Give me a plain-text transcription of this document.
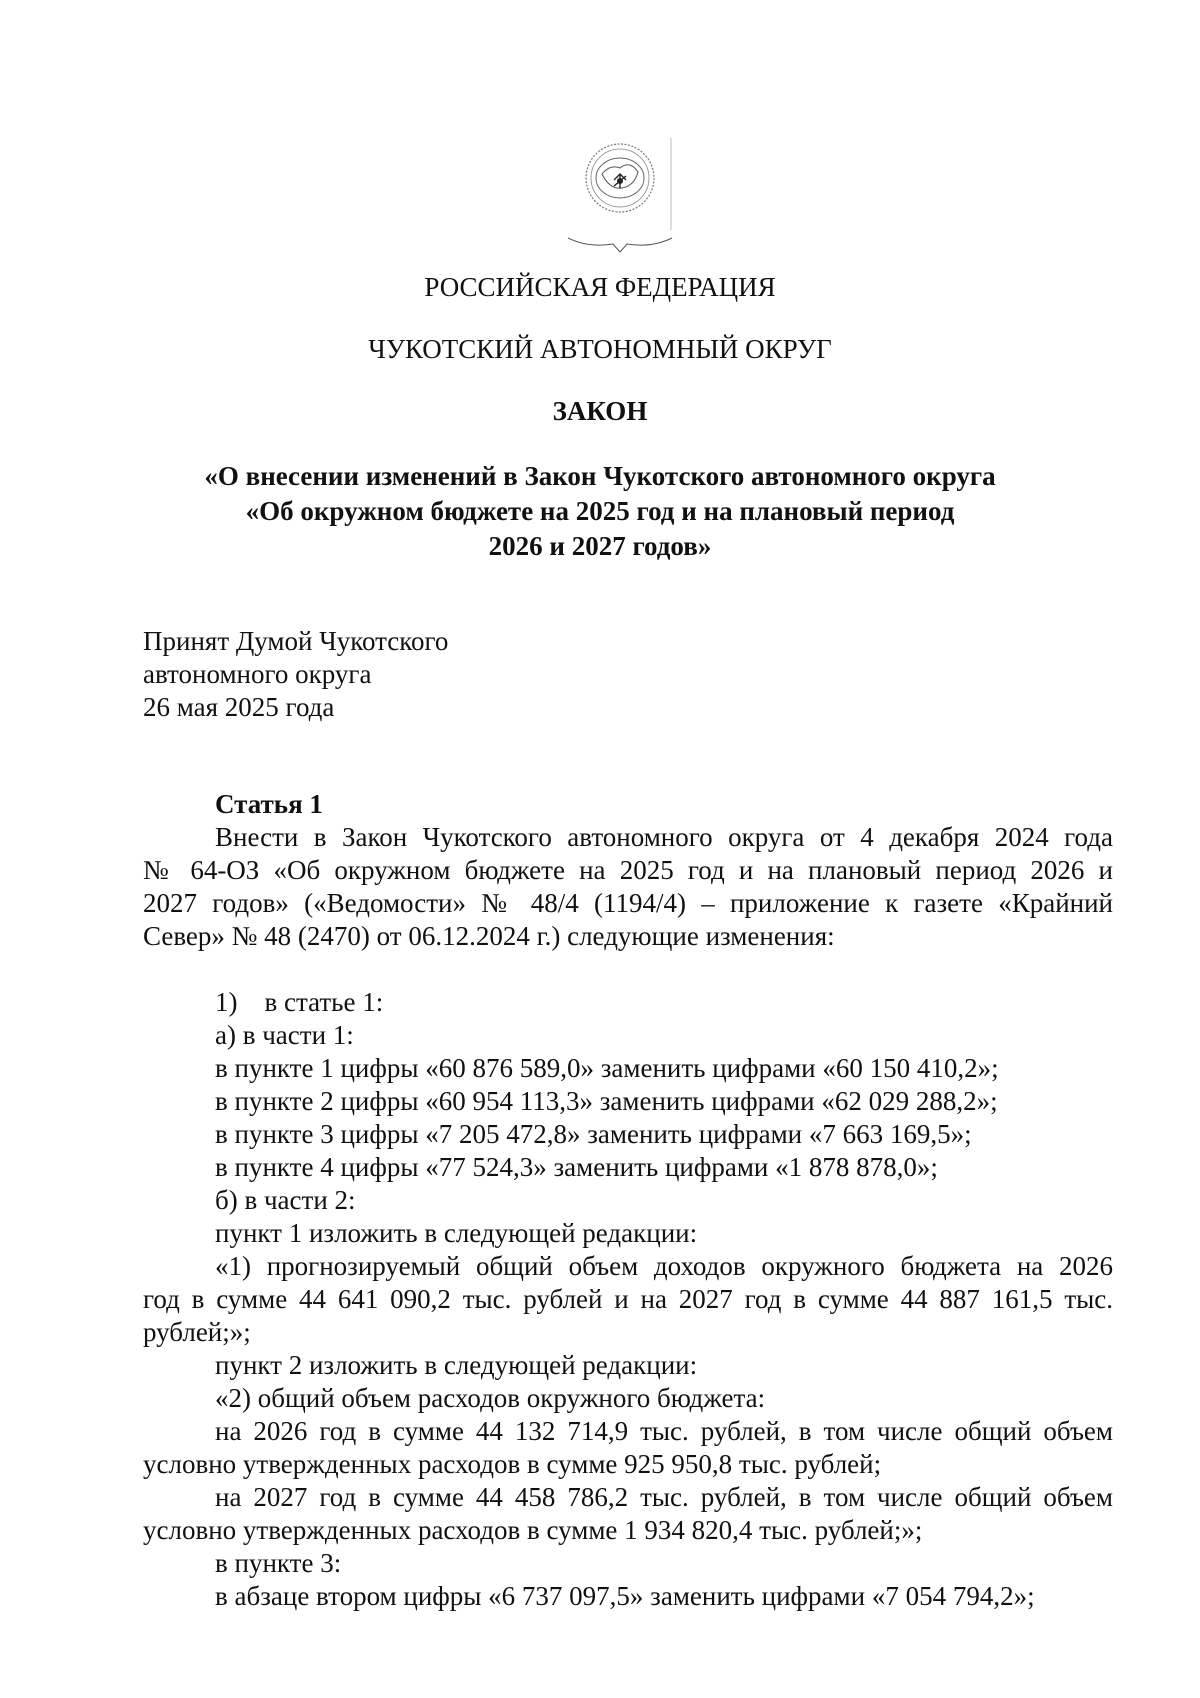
РОССИЙСКАЯ ФЕДЕРАЦИЯ
ЧУКОТСКИЙ АВТОНОМНЫЙ ОКРУГ
ЗАКОН
«О внесении изменений в Закон Чукотского автономного округа
«Об окружном бюджете на 2025 год и на плановый период
2026 и 2027 годов»
Принят Думой Чукотского
автономного округа
26 мая 2025 года
Статья 1
Внести в Закон Чукотского автономного округа от 4 декабря 2024 года
№ 64-ОЗ «Об окружном бюджете на 2025 год и на плановый период 2026 и
2027 годов» («Ведомости» № 48/4 (1194/4) – приложение к газете «Крайний
Север» № 48 (2470) от 06.12.2024 г.) следующие изменения:
1)    в статье 1:
а) в части 1:
в пункте 1 цифры «60 876 589,0» заменить цифрами «60 150 410,2»;
в пункте 2 цифры «60 954 113,3» заменить цифрами «62 029 288,2»;
в пункте 3 цифры «7 205 472,8» заменить цифрами «7 663 169,5»;
в пункте 4 цифры «77 524,3» заменить цифрами «1 878 878,0»;
б) в части 2:
пункт 1 изложить в следующей редакции:
«1) прогнозируемый общий объем доходов окружного бюджета на 2026
год в сумме 44 641 090,2 тыс. рублей и на 2027 год в сумме 44 887 161,5 тыс.
рублей;»;
пункт 2 изложить в следующей редакции:
«2) общий объем расходов окружного бюджета:
на 2026 год в сумме 44 132 714,9 тыс. рублей, в том числе общий объем
условно утвержденных расходов в сумме 925 950,8 тыс. рублей;
на 2027 год в сумме 44 458 786,2 тыс. рублей, в том числе общий объем
условно утвержденных расходов в сумме 1 934 820,4 тыс. рублей;»;
в пункте 3:
в абзаце втором цифры «6 737 097,5» заменить цифрами «7 054 794,2»;
